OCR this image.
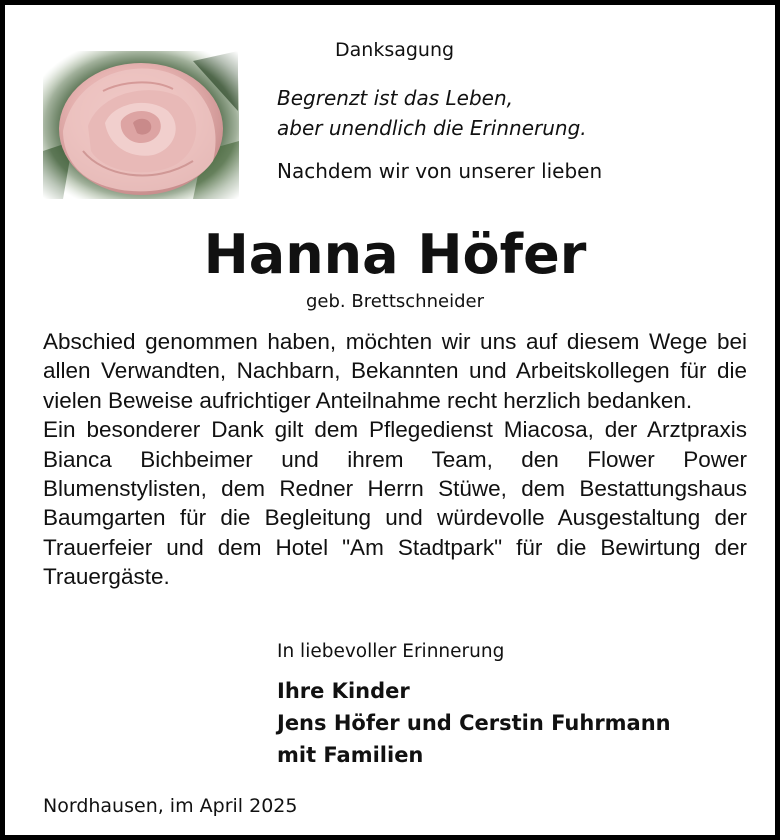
Danksagung
Begrenzt ist das Leben,
aber unendlich die Erinnerung.
Nachdem wir von unserer lieben
Hanna Höfer
geb. Brettschneider

Abschied genommen haben, möchten wir uns auf diesem Wege bei allen Verwandten, Nachbarn, Bekannten und Arbeitskollegen für die vielen Beweise aufrichtiger Anteilnahme recht herzlich bedanken.

Ein besonderer Dank gilt dem Pflegedienst Miacosa, der Arztpraxis Bianca Bichbeimer und ihrem Team, den Flower Power Blumenstylisten, dem Redner Herrn Stüwe, dem Bestattungshaus Baumgarten für die Begleitung und würdevolle Ausgestaltung der Trauerfeier und dem Hotel "Am Stadtpark" für die Bewirtung der Trauergäste.

In liebevoller Erinnerung
Ihre Kinder
Jens Höfer und Cerstin Fuhrmann
mit Familien
Nordhausen, im April 2025
